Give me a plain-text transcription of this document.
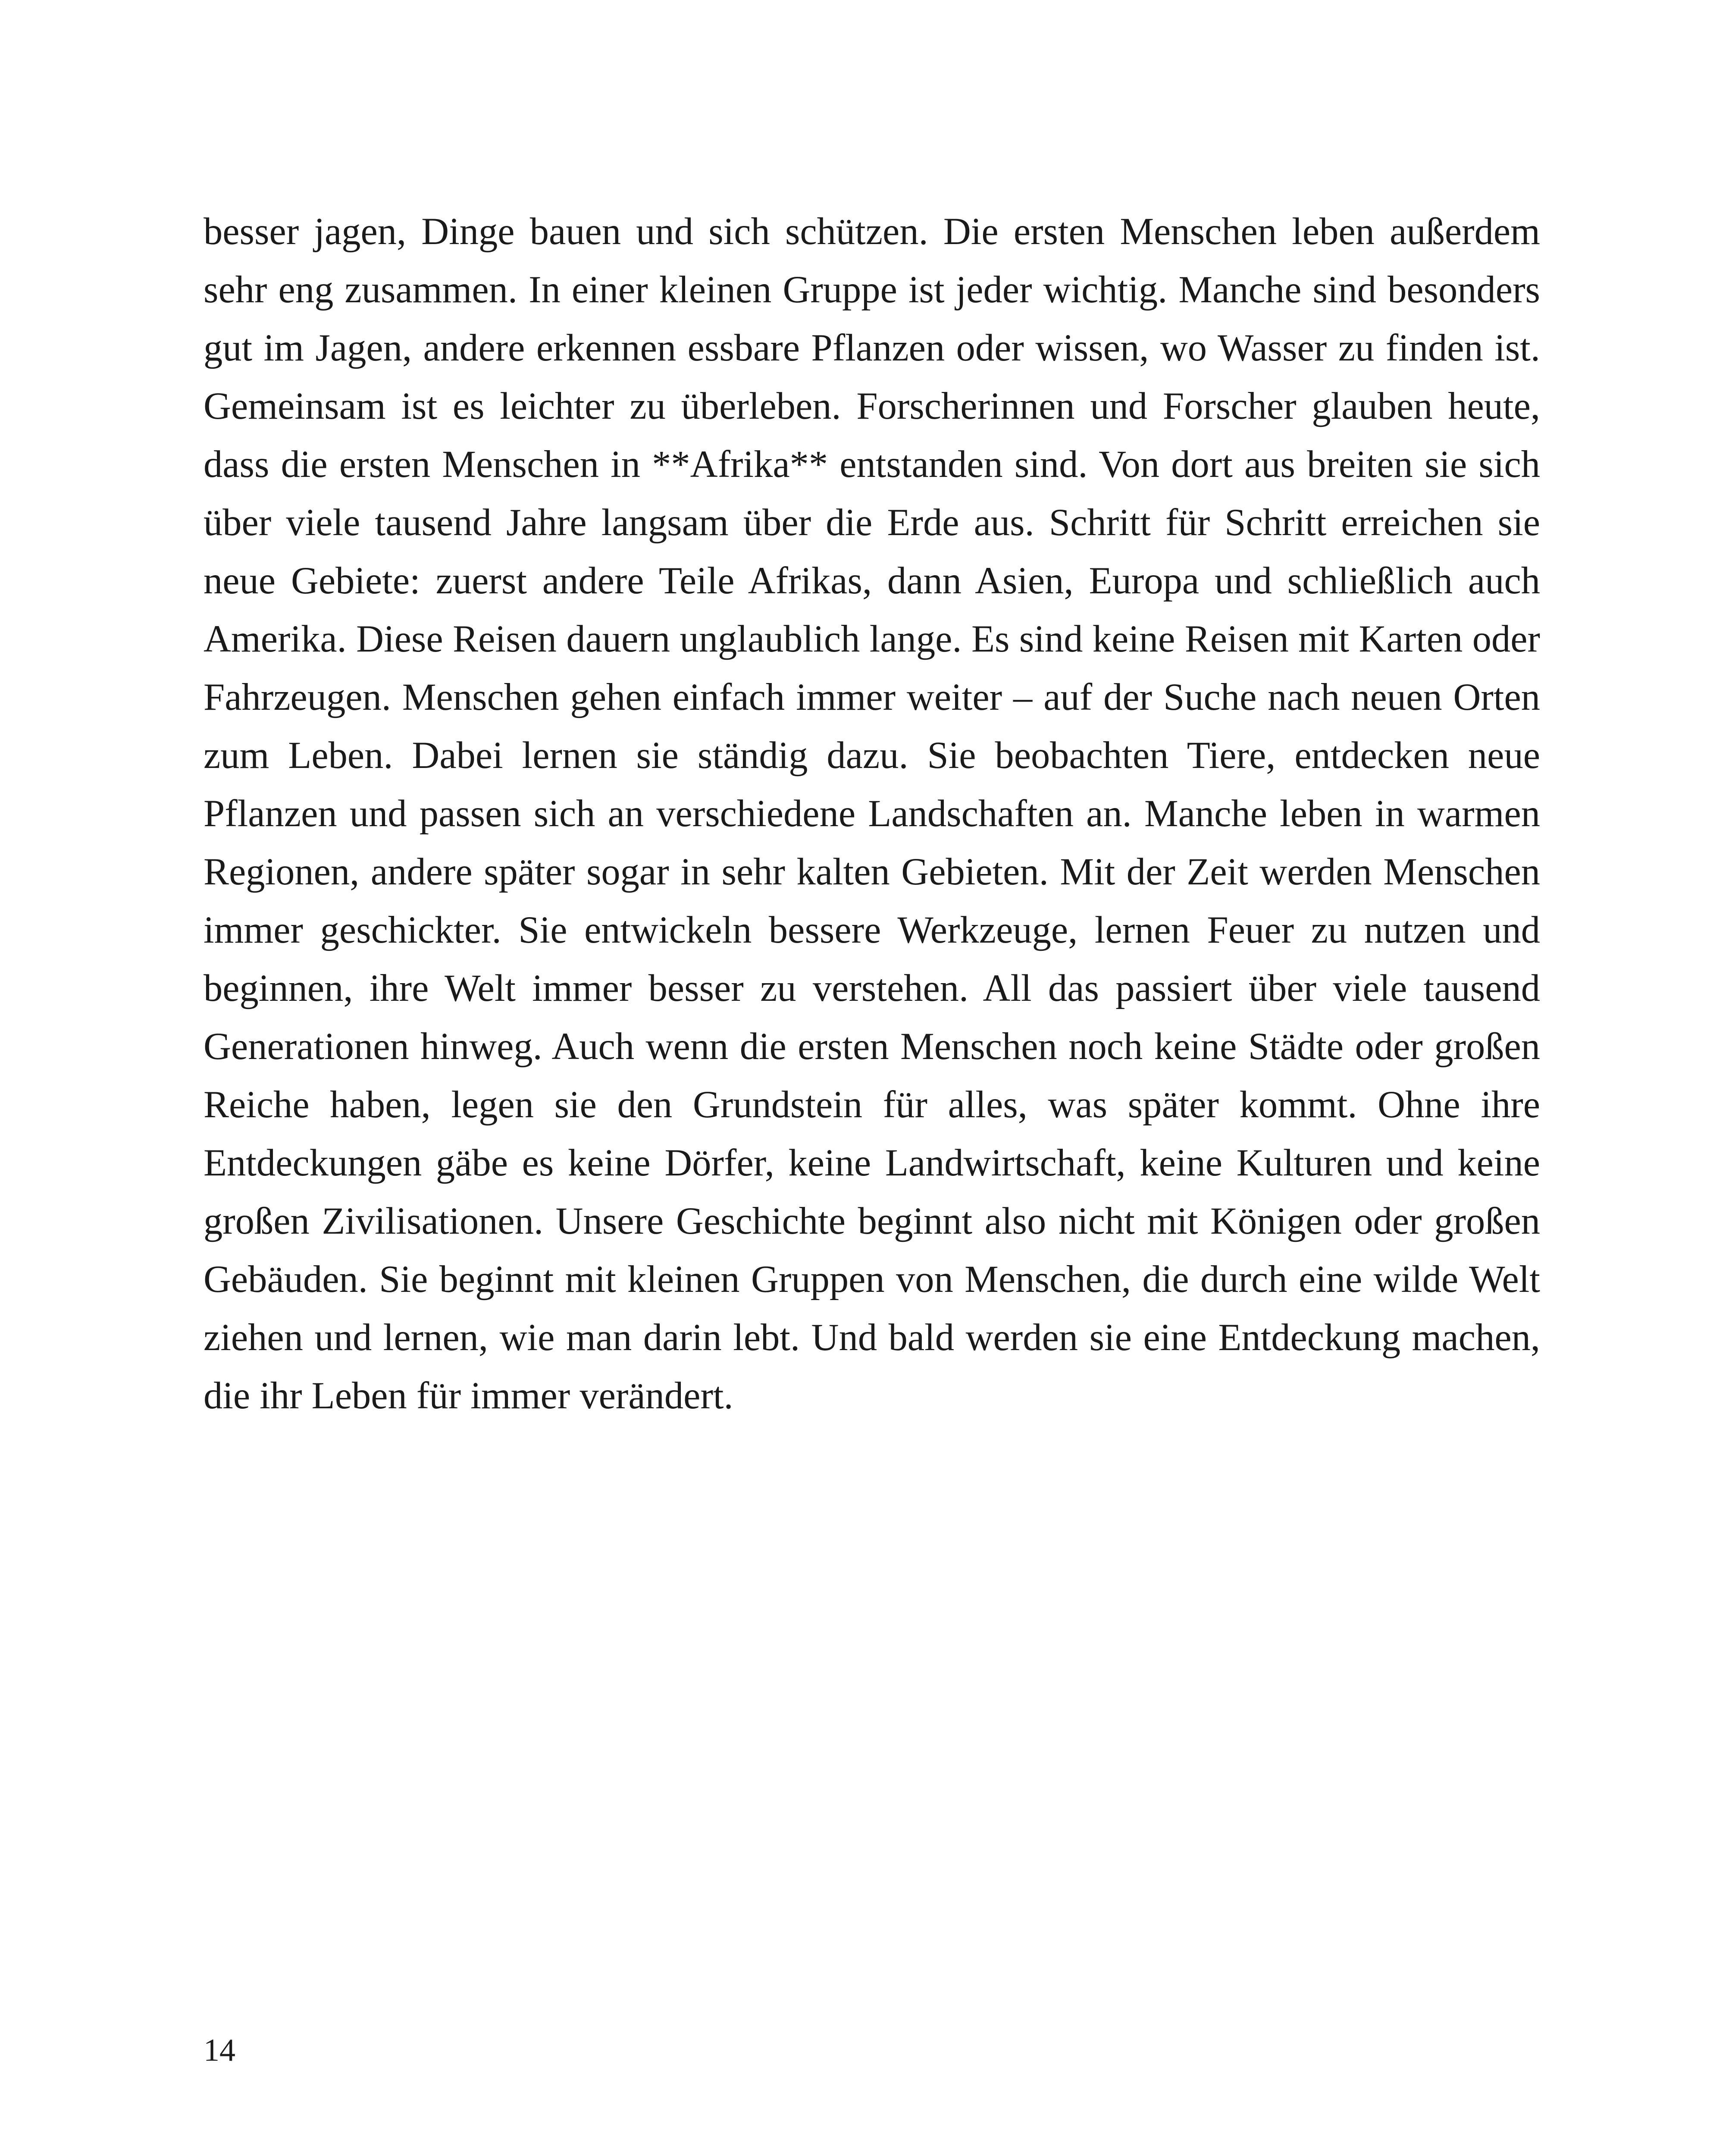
besser jagen, Dinge bauen und sich schützen. Die ersten Menschen leben außerdem sehr eng zusammen. In einer kleinen Gruppe ist jeder wichtig. Manche sind besonders gut im Jagen, andere erkennen essbare Pflanzen oder wissen, wo Wasser zu finden ist. Gemeinsam ist es leichter zu überleben. Forscherinnen und Forscher glauben heute, dass die ersten Menschen in **Afrika** entstanden sind. Von dort aus breiten sie sich über viele tausend Jahre langsam über die Erde aus. Schritt für Schritt erreichen sie neue Gebiete: zuerst andere Teile Afrikas, dann Asien, Europa und schließlich auch Amerika. Diese Reisen dauern unglaublich lange. Es sind keine Reisen mit Karten oder Fahrzeugen. Menschen gehen einfach immer weiter – auf der Suche nach neuen Orten zum Leben. Dabei lernen sie ständig dazu. Sie beobachten Tiere, entdecken neue Pflanzen und passen sich an verschiedene Landschaften an. Manche leben in warmen Regionen, andere später sogar in sehr kalten Gebieten. Mit der Zeit werden Menschen immer geschickter. Sie entwickeln bessere Werkzeuge, lernen Feuer zu nutzen und beginnen, ihre Welt immer besser zu verstehen. All das passiert über viele tausend Generationen hinweg. Auch wenn die ersten Menschen noch keine Städte oder großen Reiche haben, legen sie den Grundstein für alles, was später kommt. Ohne ihre Entdeckungen gäbe es keine Dörfer, keine Landwirtschaft, keine Kulturen und keine großen Zivilisationen. Unsere Geschichte beginnt also nicht mit Königen oder großen Gebäuden. Sie beginnt mit kleinen Gruppen von Menschen, die durch eine wilde Welt ziehen und lernen, wie man darin lebt. Und bald werden sie eine Entdeckung machen, die ihr Leben für immer verändert.

14
